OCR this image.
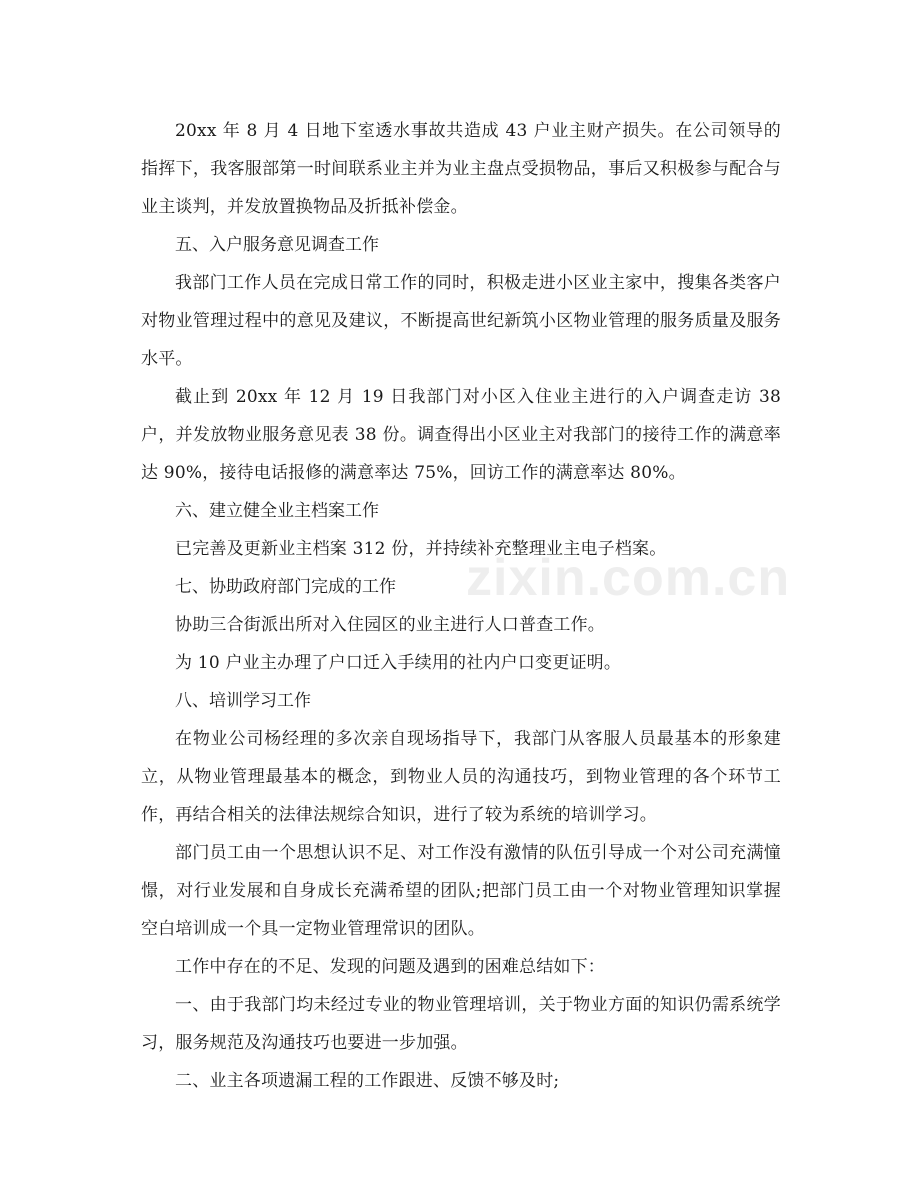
20xx 年 8 月 4 日地下室透水事故共造成 43 户业主财产损失。在公司领导的指挥下，我客服部第一时间联系业主并为业主盘点受损物品，事后又积极参与配合与业主谈判，并发放置换物品及折抵补偿金。

五、入户服务意见调查工作

我部门工作人员在完成日常工作的同时，积极走进小区业主家中，搜集各类客户对物业管理过程中的意见及建议，不断提高世纪新筑小区物业管理的服务质量及服务水平。

截止到 20xx 年 12 月 19 日我部门对小区入住业主进行的入户调查走访 38 户，并发放物业服务意见表 38 份。调查得出小区业主对我部门的接待工作的满意率达 90%，接待电话报修的满意率达 75%，回访工作的满意率达 80%。

六、建立健全业主档案工作

已完善及更新业主档案 312 份，并持续补充整理业主电子档案。

七、协助政府部门完成的工作

协助三合街派出所对入住园区的业主进行人口普查工作。

为 10 户业主办理了户口迁入手续用的社内户口变更证明。

八、培训学习工作

在物业公司杨经理的多次亲自现场指导下，我部门从客服人员最基本的形象建立，从物业管理最基本的概念，到物业人员的沟通技巧，到物业管理的各个环节工作，再结合相关的法律法规综合知识，进行了较为系统的培训学习。

部门员工由一个思想认识不足、对工作没有激情的队伍引导成一个对公司充满憧憬，对行业发展和自身成长充满希望的团队;把部门员工由一个对物业管理知识掌握空白培训成一个具一定物业管理常识的团队。

工作中存在的不足、发现的问题及遇到的困难总结如下：

一、由于我部门均未经过专业的物业管理培训，关于物业方面的知识仍需系统学习，服务规范及沟通技巧也要进一步加强。

二、业主各项遗漏工程的工作跟进、反馈不够及时;

zixin.com.cn
